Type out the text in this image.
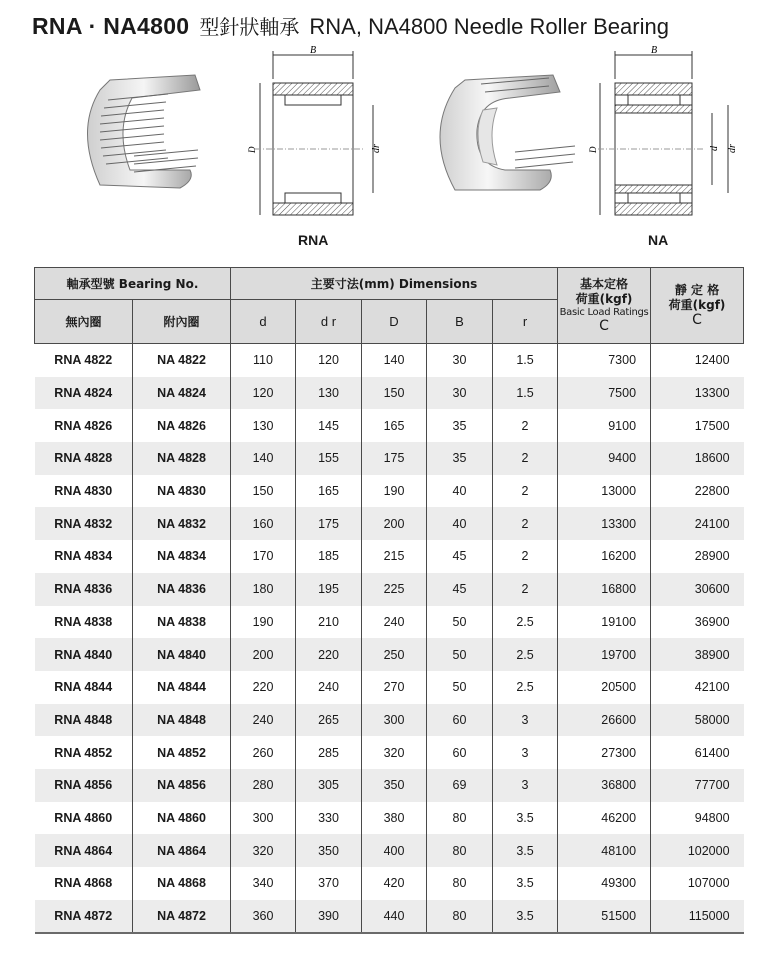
RNA · NA4800 型針狀軸承 RNA, NA4800 Needle Roller Bearing
B
D	dr
RNA
B
D	d dr
NA
軸承型號 Bearing No.		主要寸法(mm) Dimensions					基本定格
荷重(kgf)
Basic Load Ratings
C	靜 定 格
荷重(kgf)
C

無內圈	附內圈	d	d r	D	B	r		
RNA 4822	NA 4822	110	120	140	30	1.5	7300	12400
RNA 4824	NA 4824	120	130	150	30	1.5	7500	13300
RNA 4826	NA 4826	130	145	165	35	2	9100	17500
RNA 4828	NA 4828	140	155	175	35	2	9400	18600
RNA 4830	NA 4830	150	165	190	40	2	13000	22800
RNA 4832	NA 4832	160	175	200	40	2	13300	24100
RNA 4834	NA 4834	170	185	215	45	2	16200	28900
RNA 4836	NA 4836	180	195	225	45	2	16800	30600
RNA 4838	NA 4838	190	210	240	50	2.5	19100	36900
RNA 4840	NA 4840	200	220	250	50	2.5	19700	38900
RNA 4844	NA 4844	220	240	270	50	2.5	20500	42100
RNA 4848	NA 4848	240	265	300	60	3	26600	58000
RNA 4852	NA 4852	260	285	320	60	3	27300	61400
RNA 4856	NA 4856	280	305	350	69	3	36800	77700
RNA 4860	NA 4860	300	330	380	80	3.5	46200	94800
RNA 4864	NA 4864	320	350	400	80	3.5	48100	102000
RNA 4868	NA 4868	340	370	420	80	3.5	49300	107000
RNA 4872	NA 4872	360	390	440	80	3.5	51500	115000
